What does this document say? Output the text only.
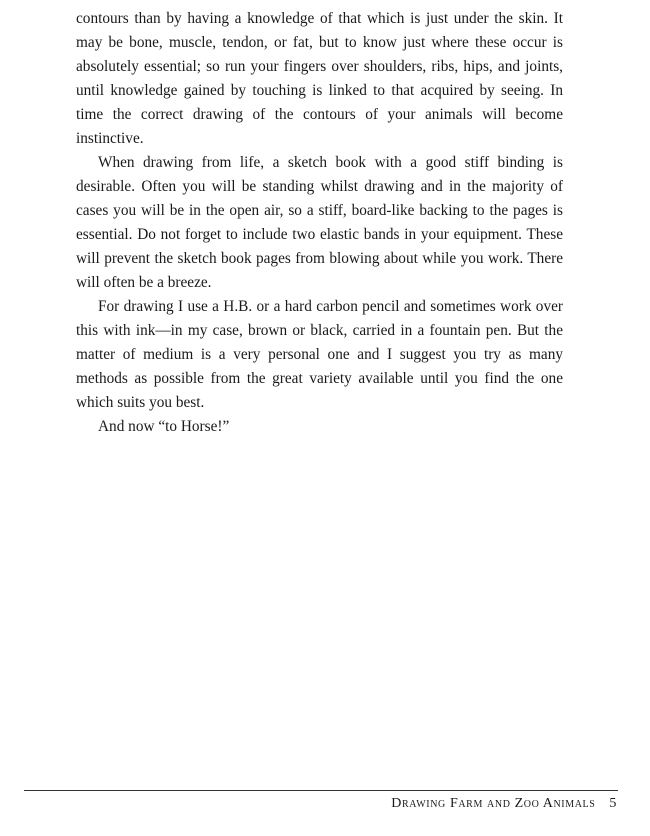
contours than by having a knowledge of that which is just under the skin. It may be bone, muscle, tendon, or fat, but to know just where these occur is absolutely essential; so run your fingers over shoulders, ribs, hips, and joints, until knowledge gained by touching is linked to that acquired by seeing. In time the correct drawing of the contours of your animals will become instinctive.

When drawing from life, a sketch book with a good stiff binding is desirable. Often you will be standing whilst drawing and in the majority of cases you will be in the open air, so a stiff, board-like backing to the pages is essential. Do not forget to include two elastic bands in your equipment. These will prevent the sketch book pages from blowing about while you work. There will often be a breeze.

For drawing I use a H.B. or a hard carbon pencil and sometimes work over this with ink—in my case, brown or black, carried in a fountain pen. But the matter of medium is a very personal one and I suggest you try as many methods as possible from the great variety available until you find the one which suits you best.

And now “to Horse!”

Drawing Farm and Zoo Animals 5
